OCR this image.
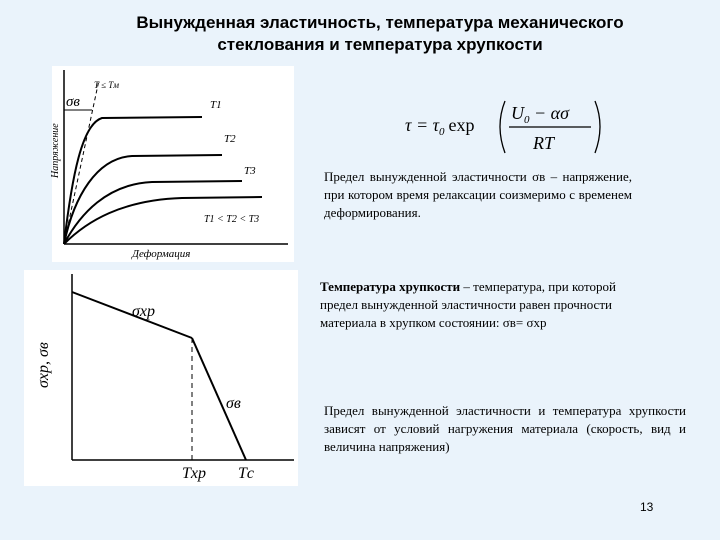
Вынужденная эластичность, температура механического
стеклования и температура хрупкости
Напряжение
σв
T ≤ Tм
T1
T2
T3
T1 < T2 < T3
Деформация
σхр, σв
σхр
σв
Tхр Tс
$\tau = \tau_0$ exp
$U_0 - \alpha\sigma$
RT
Предел вынужденной эластичности σв – напряжение, при котором время релаксации соизмеримо с временем деформирования.
Температура хрупкости – температура, при которой предел вынужденной эластичности равен прочности материала в хрупком состоянии: σв= σхр
Предел вынужденной эластичности и температура хрупкости зависят от условий нагружения материала (скорость, вид и величина напряжения)
13
